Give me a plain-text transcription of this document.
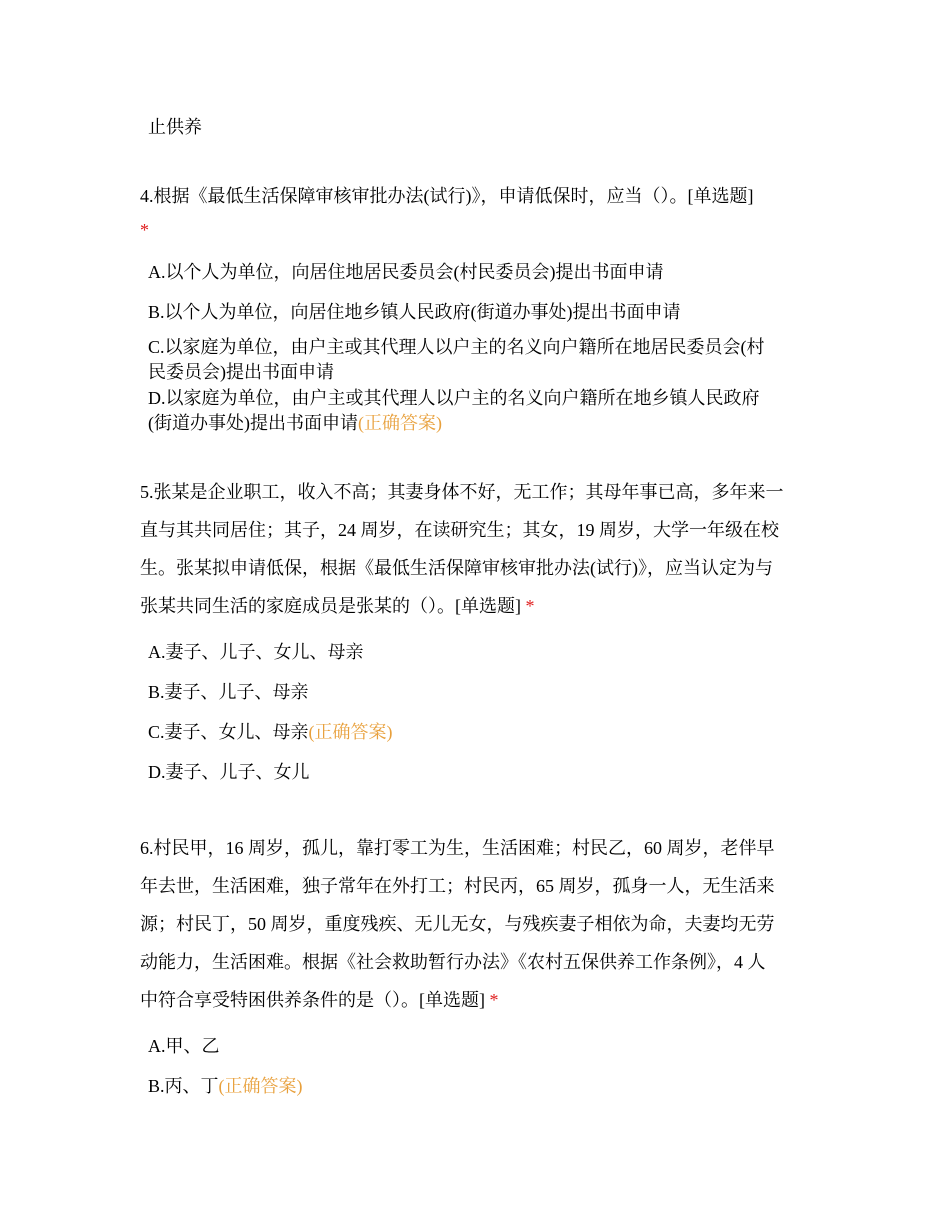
止供养
4.根据《最低生活保障审核审批办法(试行)》，申请低保时，应当（）。[单选题]
*
A.以个人为单位，向居住地居民委员会(村民委员会)提出书面申请
B.以个人为单位，向居住地乡镇人民政府(街道办事处)提出书面申请
C.以家庭为单位，由户主或其代理人以户主的名义向户籍所在地居民委员会(村
民委员会)提出书面申请
D.以家庭为单位，由户主或其代理人以户主的名义向户籍所在地乡镇人民政府
(街道办事处)提出书面申请(正确答案)
5.张某是企业职工，收入不高；其妻身体不好，无工作；其母年事已高，多年来一
直与其共同居住；其子，24 周岁，在读研究生；其女，19 周岁，大学一年级在校
生。张某拟申请低保，根据《最低生活保障审核审批办法(试行)》，应当认定为与
张某共同生活的家庭成员是张某的（）。[单选题] *
A.妻子、儿子、女儿、母亲
B.妻子、儿子、母亲
C.妻子、女儿、母亲(正确答案)
D.妻子、儿子、女儿
6.村民甲，16 周岁，孤儿，靠打零工为生，生活困难；村民乙，60 周岁，老伴早
年去世，生活困难，独子常年在外打工；村民丙，65 周岁，孤身一人，无生活来
源；村民丁，50 周岁，重度残疾、无儿无女，与残疾妻子相依为命，夫妻均无劳
动能力，生活困难。根据《社会救助暂行办法》《农村五保供养工作条例》，4 人
中符合享受特困供养条件的是（）。[单选题] *
A.甲、乙
B.丙、丁(正确答案)
